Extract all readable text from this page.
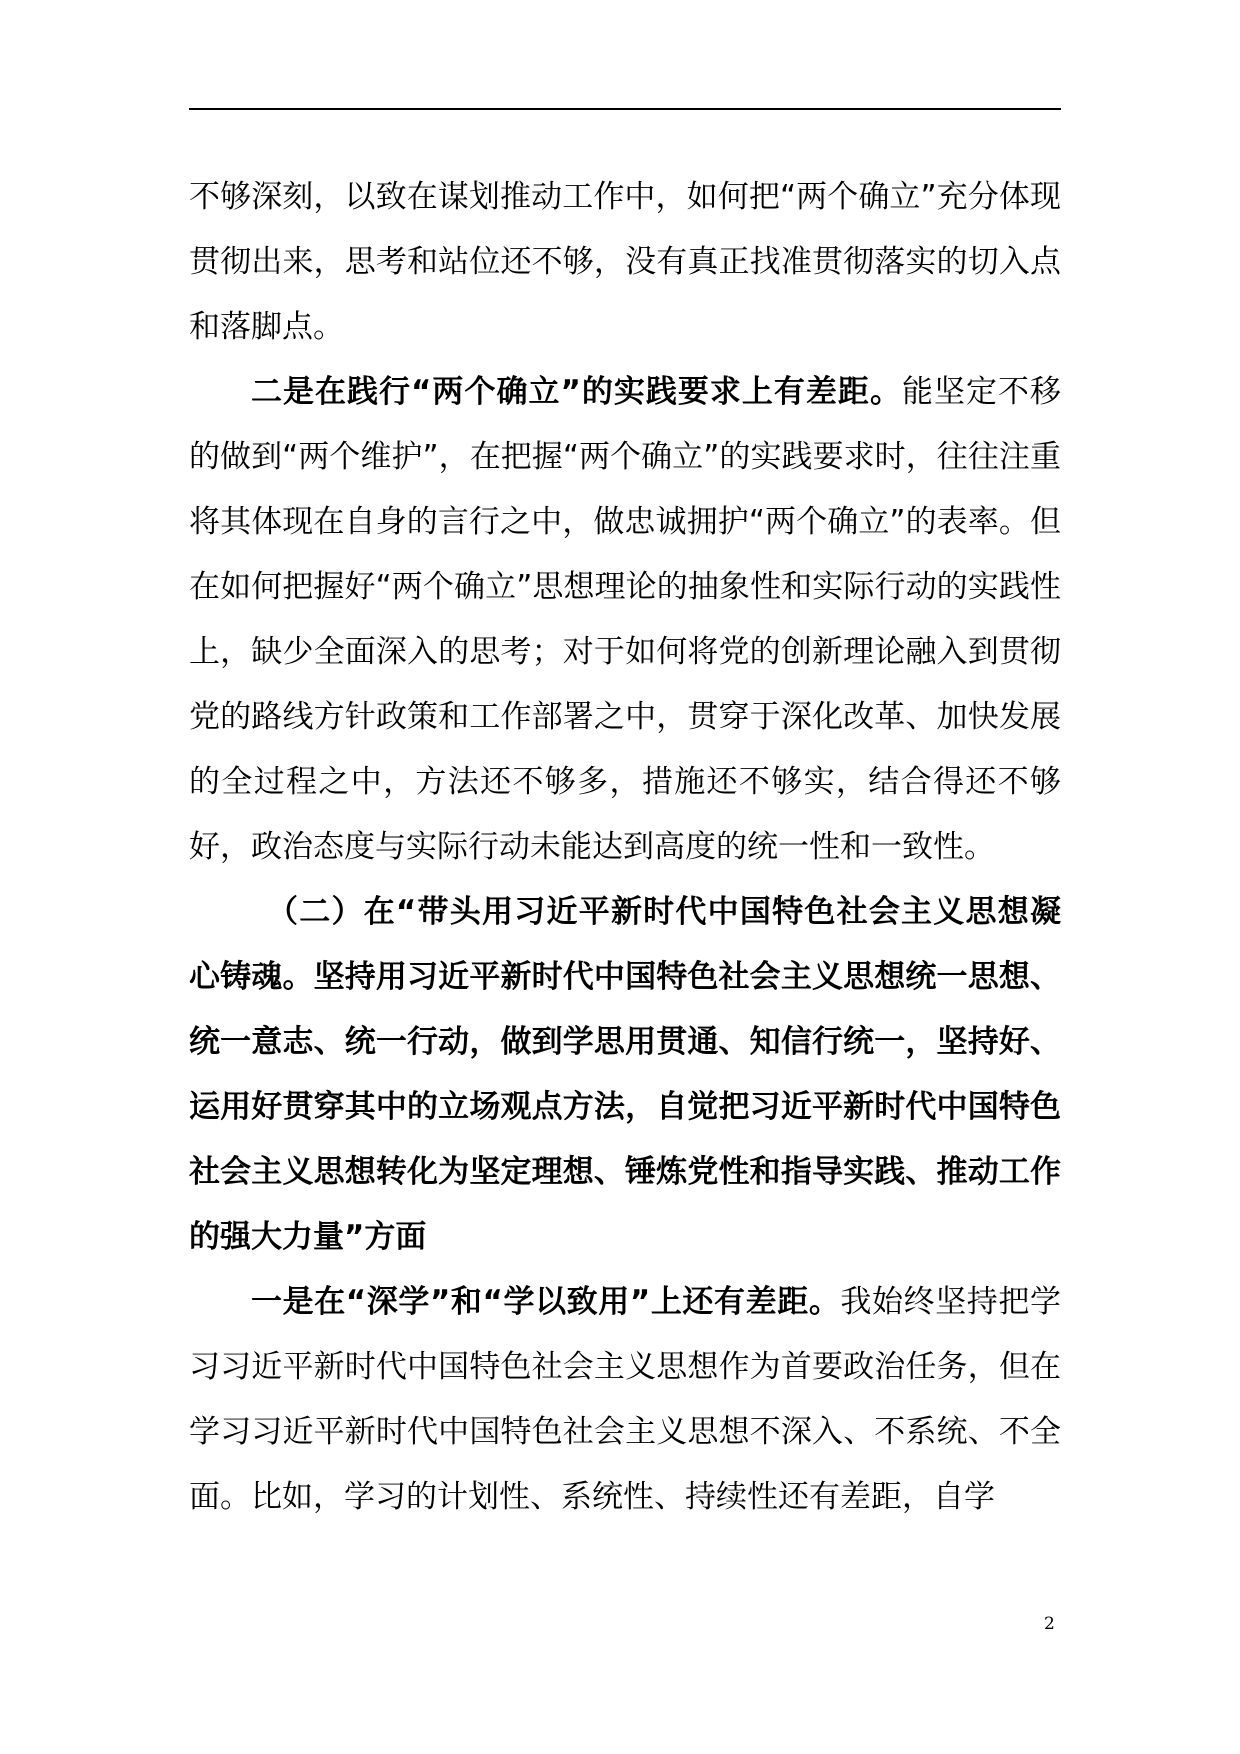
不够深刻，以致在谋划推动工作中，如何把“两个确立”充分体现贯彻出来，思考和站位还不够，没有真正找准贯彻落实的切入点和落脚点。

二是在践行“两个确立”的实践要求上有差距。能坚定不移的做到“两个维护”，在把握“两个确立”的实践要求时，往往注重将其体现在自身的言行之中，做忠诚拥护“两个确立”的表率。但在如何把握好“两个确立”思想理论的抽象性和实际行动的实践性上，缺少全面深入的思考；对于如何将党的创新理论融入到贯彻党的路线方针政策和工作部署之中，贯穿于深化改革、加快发展的全过程之中，方法还不够多，措施还不够实，结合得还不够好，政治态度与实际行动未能达到高度的统一性和一致性。

（二）在“带头用习近平新时代中国特色社会主义思想凝心铸魂。坚持用习近平新时代中国特色社会主义思想统一思想、统一意志、统一行动，做到学思用贯通、知信行统一，坚持好、运用好贯穿其中的立场观点方法，自觉把习近平新时代中国特色社会主义思想转化为坚定理想、锤炼党性和指导实践、推动工作的强大力量”方面

一是在“深学”和“学以致用”上还有差距。我始终坚持把学习习近平新时代中国特色社会主义思想作为首要政治任务，但在学习习近平新时代中国特色社会主义思想不深入、不系统、不全面。比如，学习的计划性、系统性、持续性还有差距，自学

2
